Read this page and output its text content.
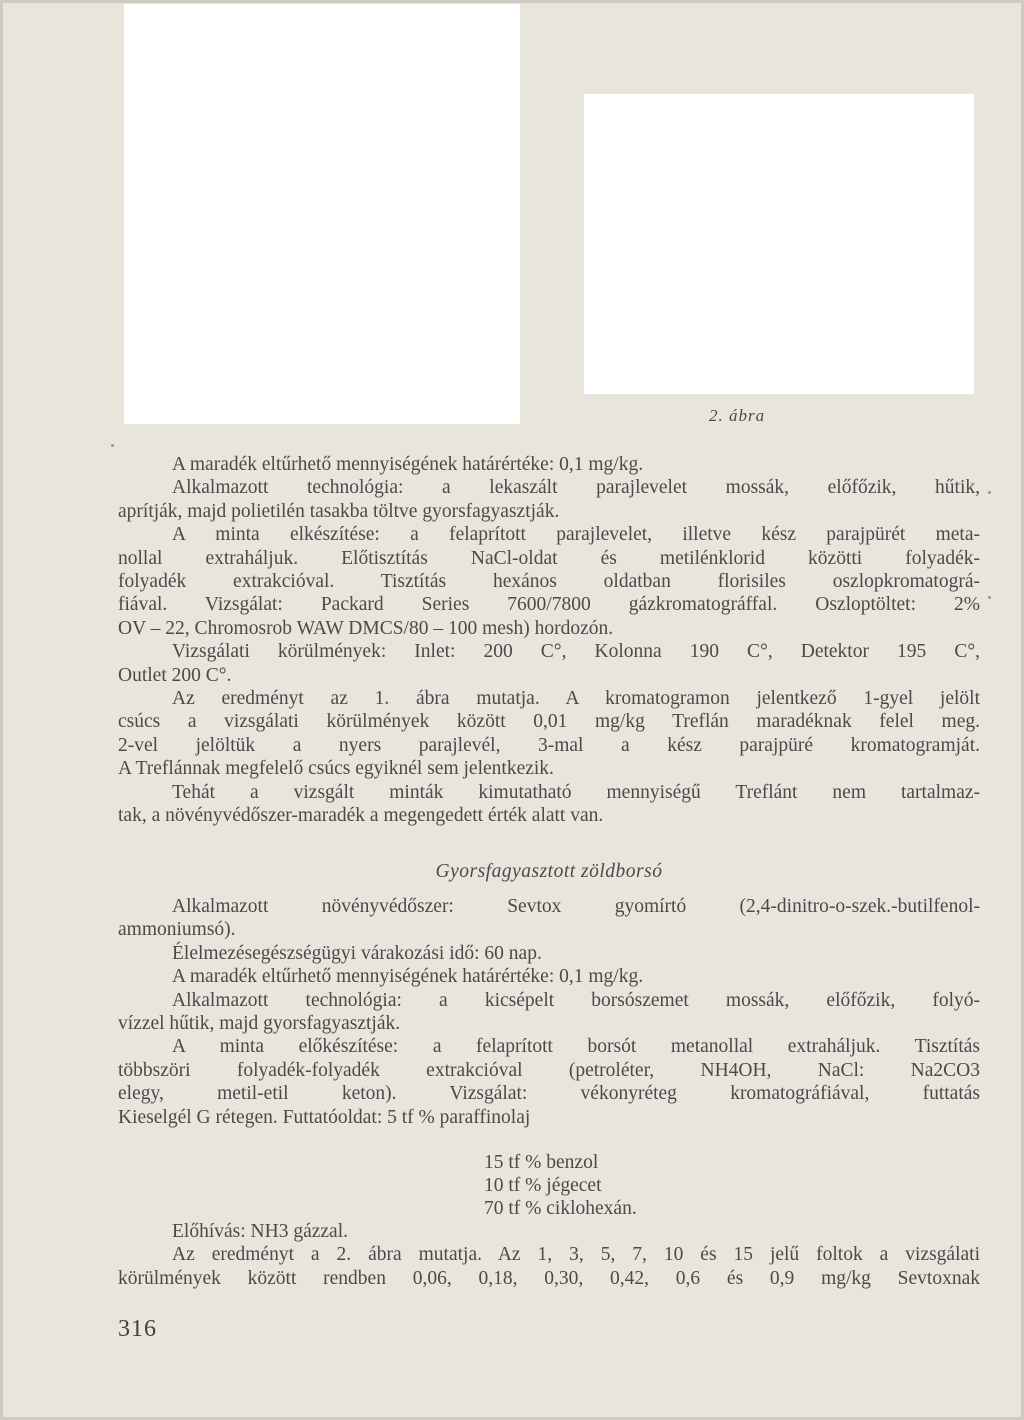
2. ábra
A maradék eltűrhető mennyiségének határértéke: 0,1 mg/kg.
Alkalmazott technológia: a lekaszált parajlevelet mossák, előfőzik, hűtik,
aprítják, majd polietilén tasakba töltve gyorsfagyasztják.
A minta elkészítése: a felaprított parajlevelet, illetve kész parajpürét meta-
nollal extraháljuk. Előtisztítás NaCl-oldat és metilénklorid közötti folyadék-
folyadék extrakcióval. Tisztítás hexános oldatban florisiles oszlopkromatográ-
fiával. Vizsgálat: Packard Series 7600/7800 gázkromatográffal. Oszloptöltet: 2%
OV – 22, Chromosrob WAW DMCS/80 – 100 mesh) hordozón.
Vizsgálati körülmények: Inlet: 200 C°, Kolonna 190 C°, Detektor 195 C°,
Outlet 200 C°.
Az eredményt az 1. ábra mutatja. A kromatogramon jelentkező 1-gyel jelölt
csúcs a vizsgálati körülmények között 0,01 mg/kg Treflán maradéknak felel meg.
2-vel jelöltük a nyers parajlevél, 3-mal a kész parajpüré kromatogramját.
A Treflánnak megfelelő csúcs egyiknél sem jelentkezik.
Tehát a vizsgált minták kimutatható mennyiségű Treflánt nem tartalmaz-
tak, a növényvédőszer-maradék a megengedett érték alatt van.
Gyorsfagyasztott zöldborsó
Alkalmazott növényvédőszer: Sevtox gyomírtó (2,4-dinitro-o-szek.-butilfenol-
ammoniumsó).
Élelmezésegészségügyi várakozási idő: 60 nap.
A maradék eltűrhető mennyiségének határértéke: 0,1 mg/kg.
Alkalmazott technológia: a kicsépelt borsószemet mossák, előfőzik, folyó-
vízzel hűtik, majd gyorsfagyasztják.
A minta előkészítése: a felaprított borsót metanollal extraháljuk. Tisztítás
többszöri folyadék-folyadék extrakcióval (petroléter, NH4OH, NaCl: Na2CO3
elegy, metil-etil keton). Vizsgálat: vékonyréteg kromatográfiával, futtatás
Kieselgél G rétegen. Futtatóoldat: 5 tf % paraffinolaj
15 tf % benzol
10 tf % jégecet
70 tf % ciklohexán.
Előhívás: NH3 gázzal.
Az eredményt a 2. ábra mutatja. Az 1, 3, 5, 7, 10 és 15 jelű foltok a vizsgálati
körülmények között rendben 0,06, 0,18, 0,30, 0,42, 0,6 és 0,9 mg/kg Sevtoxnak
316
